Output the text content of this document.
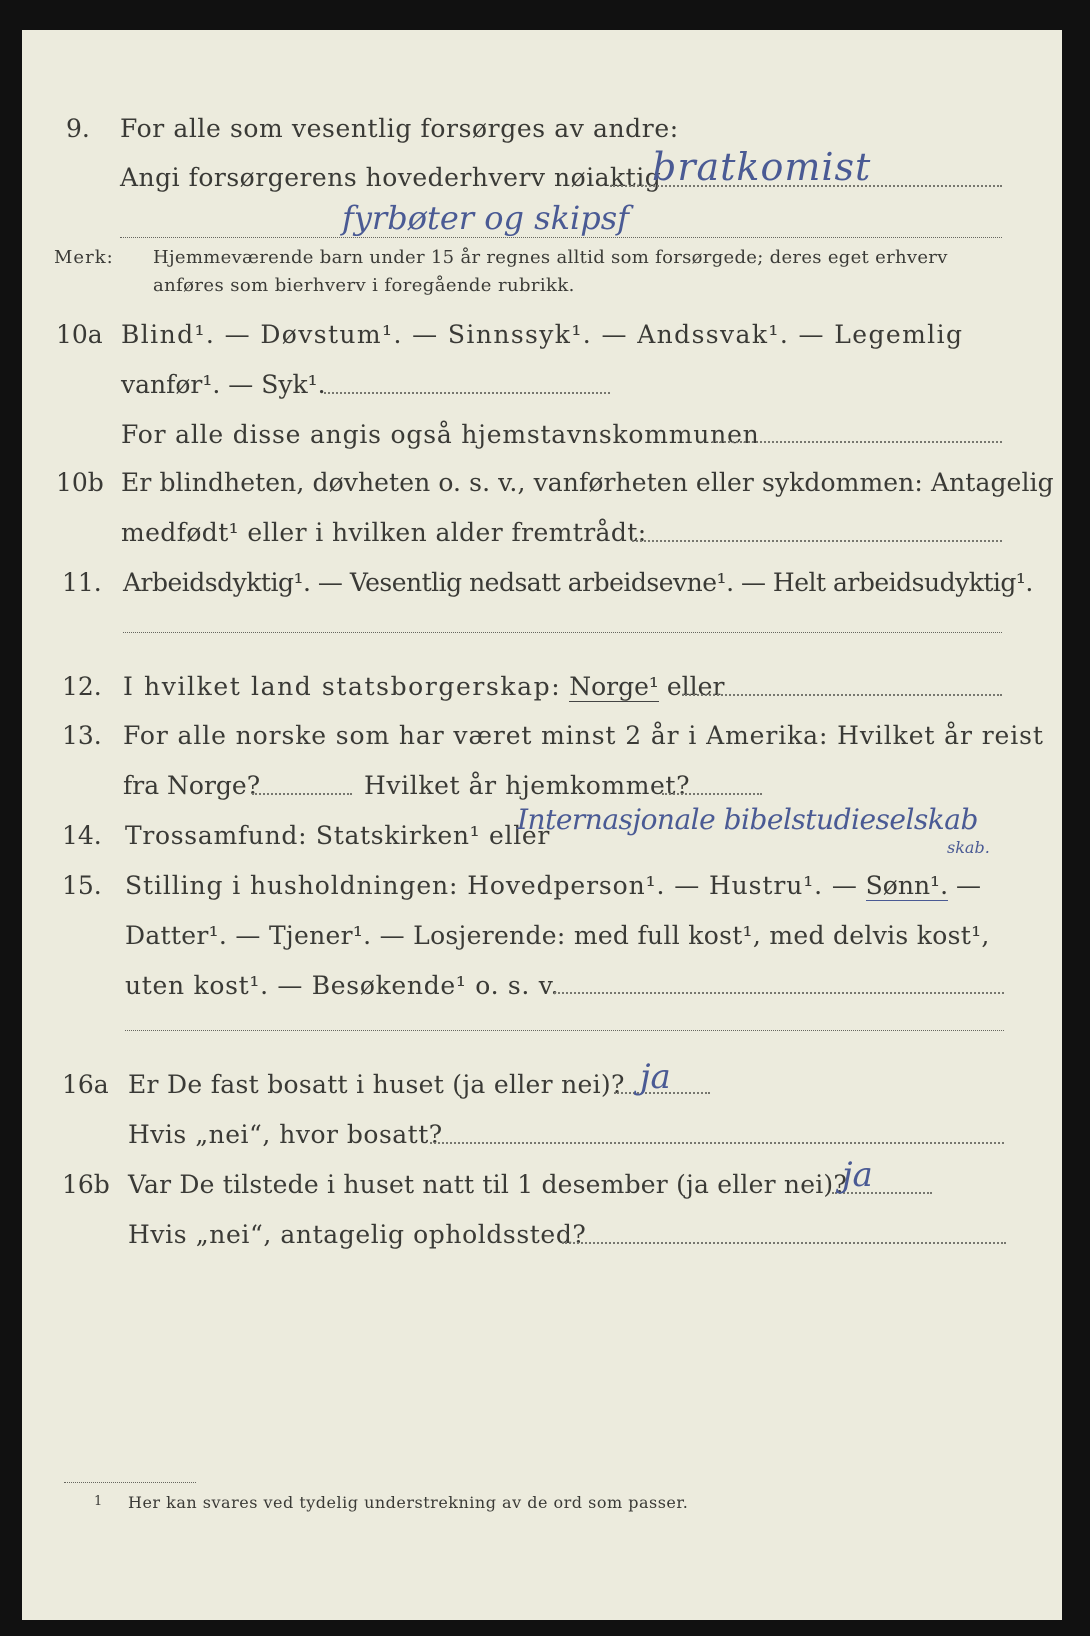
9. For alle som vesentlig forsørges av andre:
Angi forsørgerens hovederhverv nøiaktig
bratkomist
fyrbøter og skipsf
Merk: Hjemmeværende barn under 15 år regnes alltid som forsørgede; deres eget erhverv
anføres som bierhverv i foregående rubrikk.
10a Blind¹. — Døvstum¹. — Sinnssyk¹. — Andssvak¹. — Legemlig
vanfør¹. — Syk¹.
For alle disse angis også hjemstavnskommunen
10b Er blindheten, døvheten o. s. v., vanførheten eller sykdommen: Antagelig
medfødt¹ eller i hvilken alder fremtrådt:
11. Arbeidsdyktig¹. — Vesentlig nedsatt arbeidsevne¹. — Helt arbeidsudyktig¹.
12. I hvilket land statsborgerskap: Norge¹ eller
13. For alle norske som har været minst 2 år i Amerika: Hvilket år reist
fra Norge?	Hvilket år hjemkommet?
14. Trossamfund: Statskirken¹ eller
Internasjonale bibelstudieselskab
skab.
15. Stilling i husholdningen: Hovedperson¹. — Hustru¹. — Sønn¹. —
Datter¹. — Tjener¹. — Losjerende: med full kost¹, med delvis kost¹,
uten kost¹. — Besøkende¹ o. s. v.
16a Er De fast bosatt i huset (ja eller nei)? ja
Hvis „nei“, hvor bosatt?
16b Var De tilstede i huset natt til 1 desember (ja eller nei)?
ja
Hvis „nei“, antagelig opholdssted?
1 Her kan svares ved tydelig understrekning av de ord som passer.
